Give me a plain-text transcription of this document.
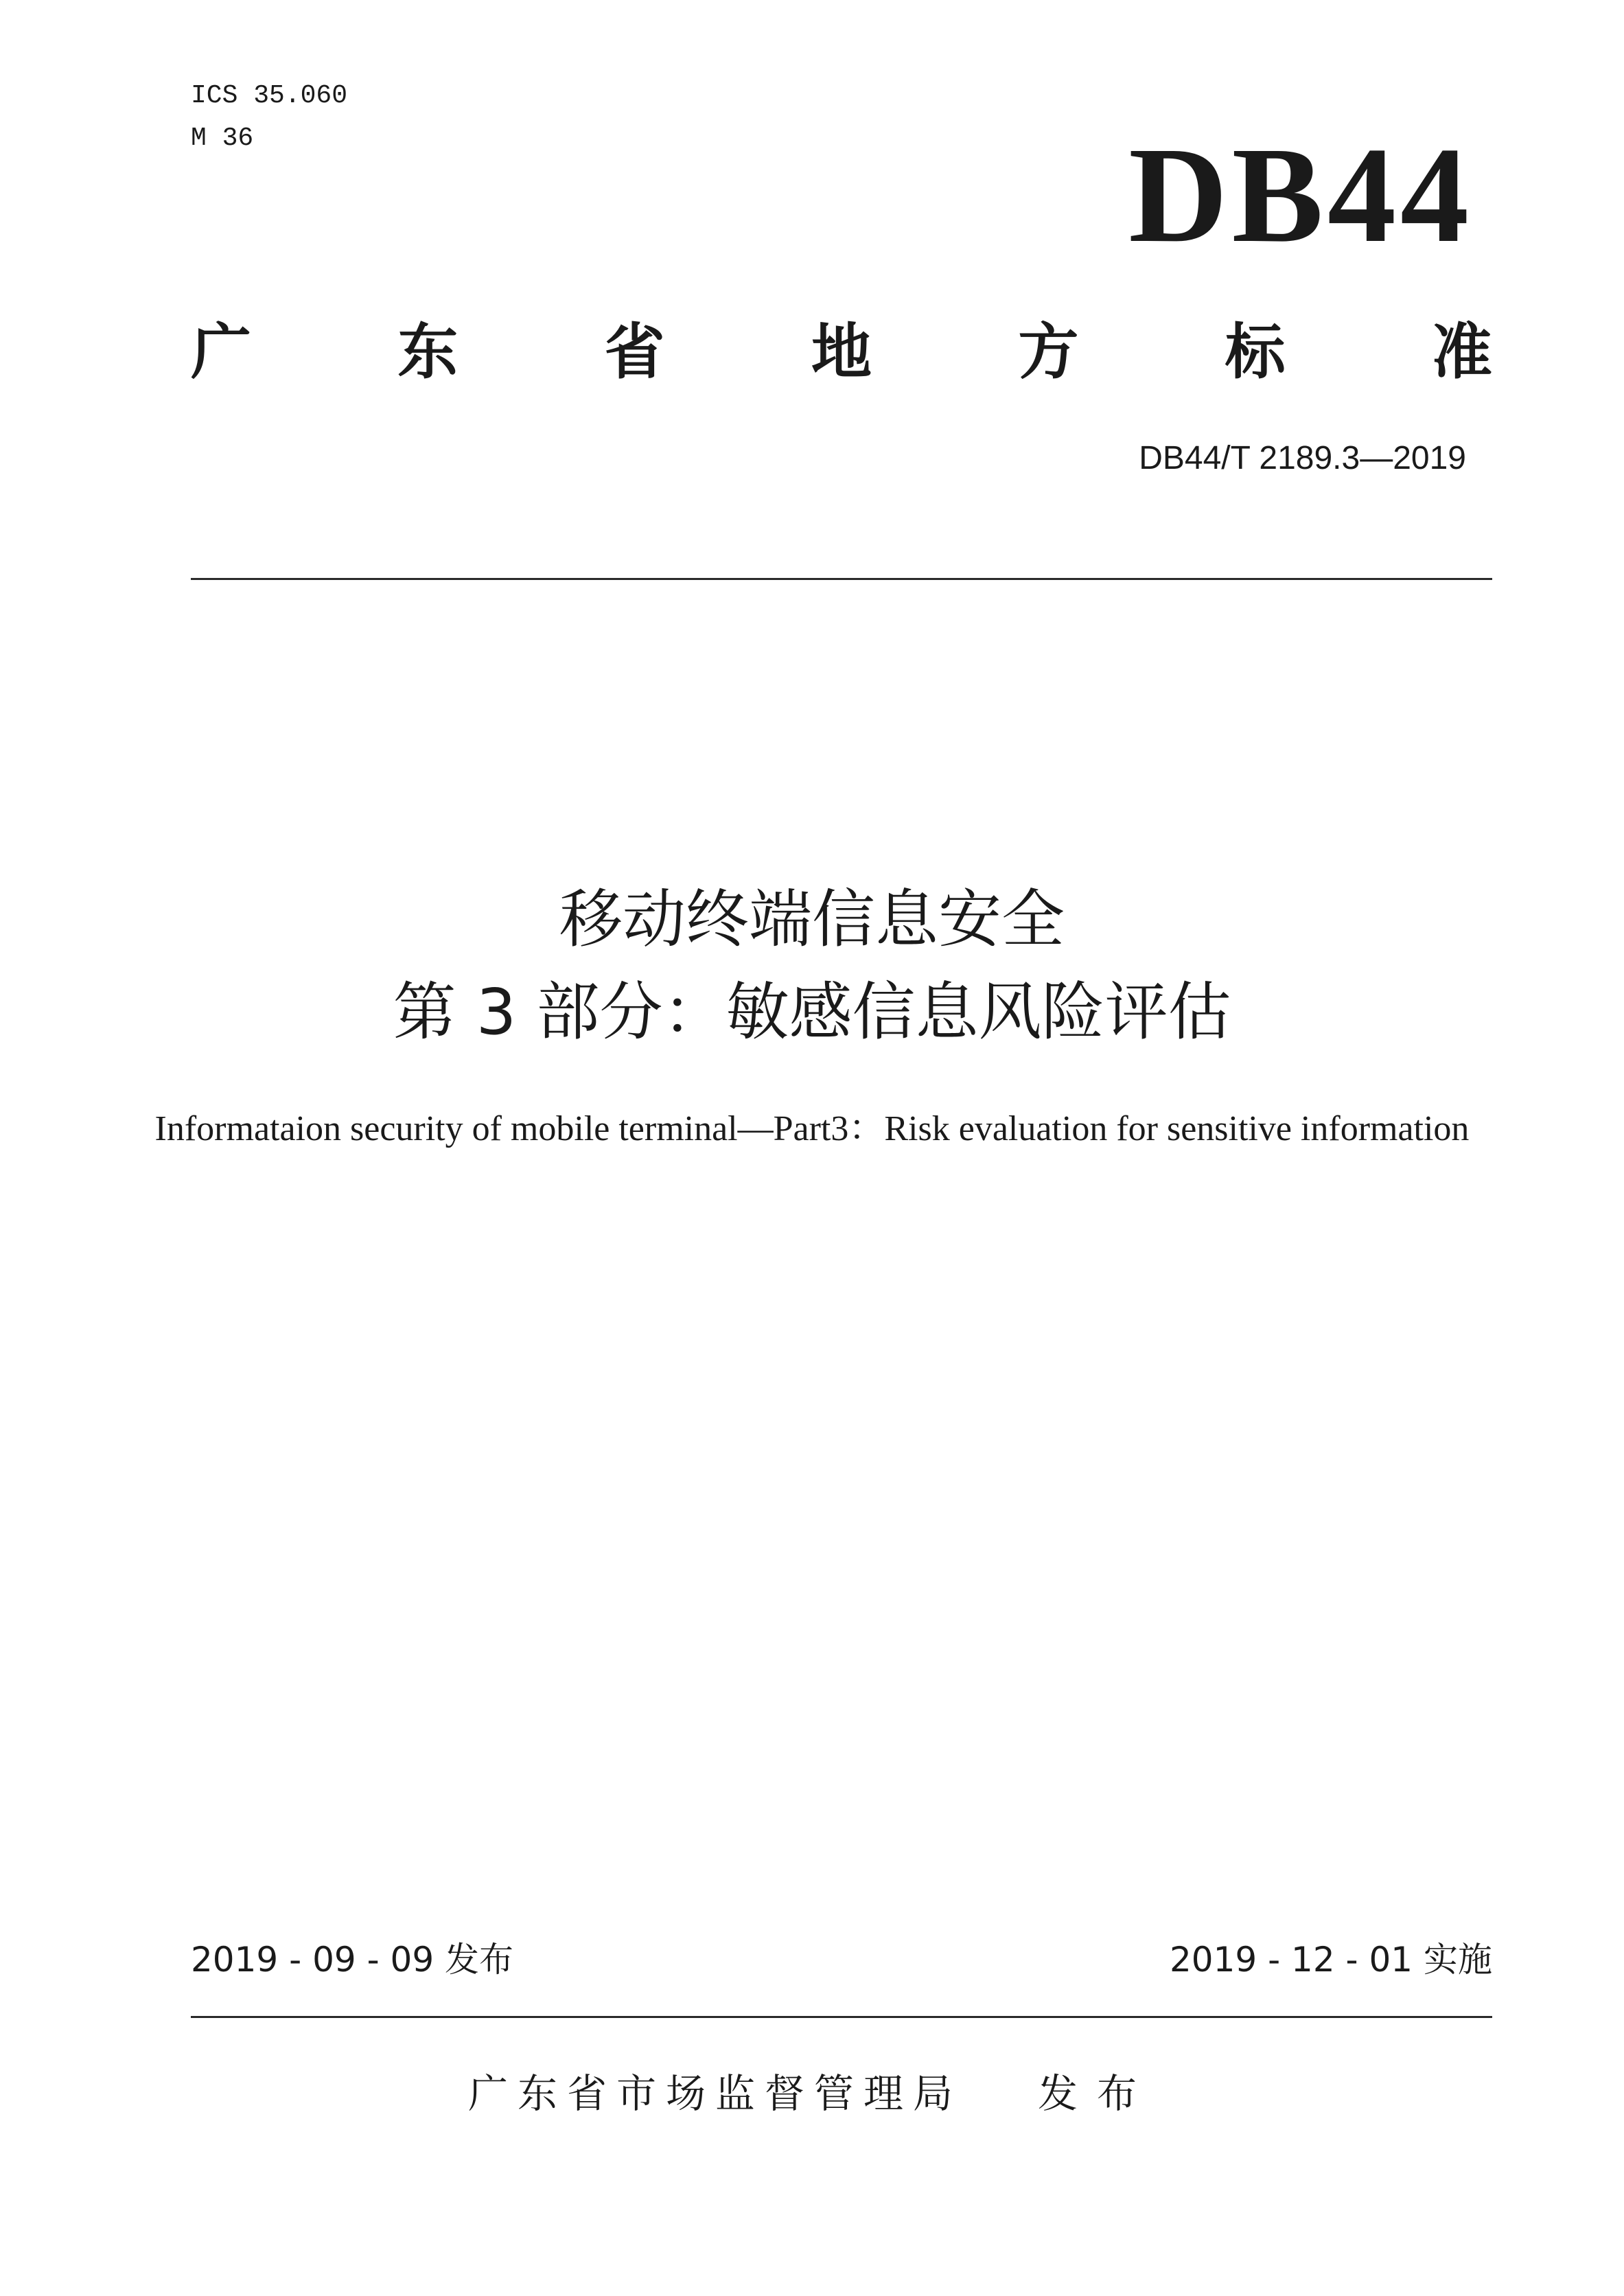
ICS 35.060
M 36	DB44
广 东 省 地 方 标 准
DB44/T 2189.3—2019
移动终端信息安全
第 3 部分：敏感信息风险评估
Informataion security of mobile terminal—Part3：Risk evaluation for sensitive information
2019 - 09 - 09 发布	2019 - 12 - 01 实施
广东省市场监督管理局 发布
